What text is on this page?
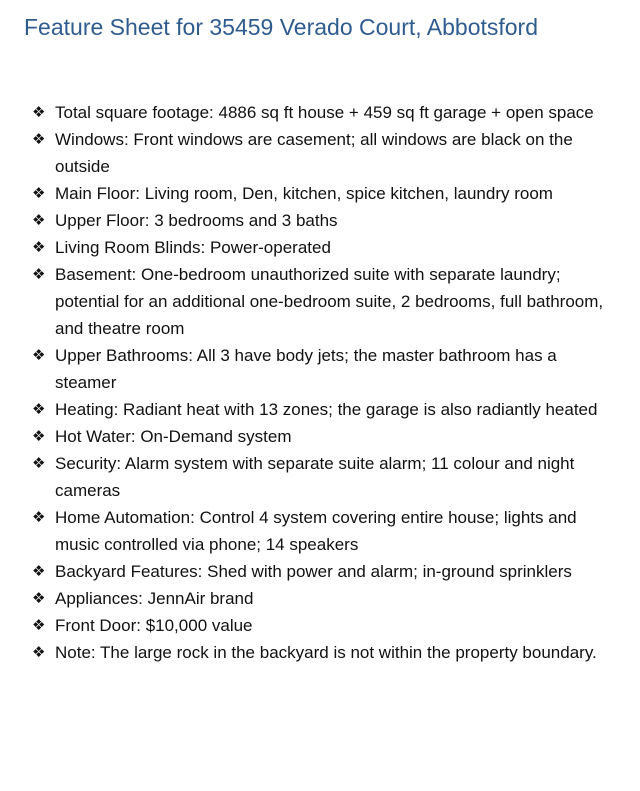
Feature Sheet for 35459 Verado Court, Abbotsford
❖ Total square footage: 4886 sq ft house + 459 sq ft garage + open space
❖ Windows: Front windows are casement; all windows are black on the outside
❖ Main Floor: Living room, Den, kitchen, spice kitchen, laundry room
❖ Upper Floor: 3 bedrooms and 3 baths
❖ Living Room Blinds: Power-operated
❖ Basement: One-bedroom unauthorized suite with separate laundry; potential for an additional one-bedroom suite, 2 bedrooms, full bathroom, and theatre room
❖ Upper Bathrooms: All 3 have body jets; the master bathroom has a steamer
❖ Heating: Radiant heat with 13 zones; the garage is also radiantly heated
❖ Hot Water: On-Demand system
❖ Security: Alarm system with separate suite alarm; 11 colour and night cameras
❖ Home Automation: Control 4 system covering entire house; lights and music controlled via phone; 14 speakers
❖ Backyard Features: Shed with power and alarm; in-ground sprinklers
❖ Appliances: JennAir brand
❖ Front Door: $10,000 value
❖ Note: The large rock in the backyard is not within the property boundary.
